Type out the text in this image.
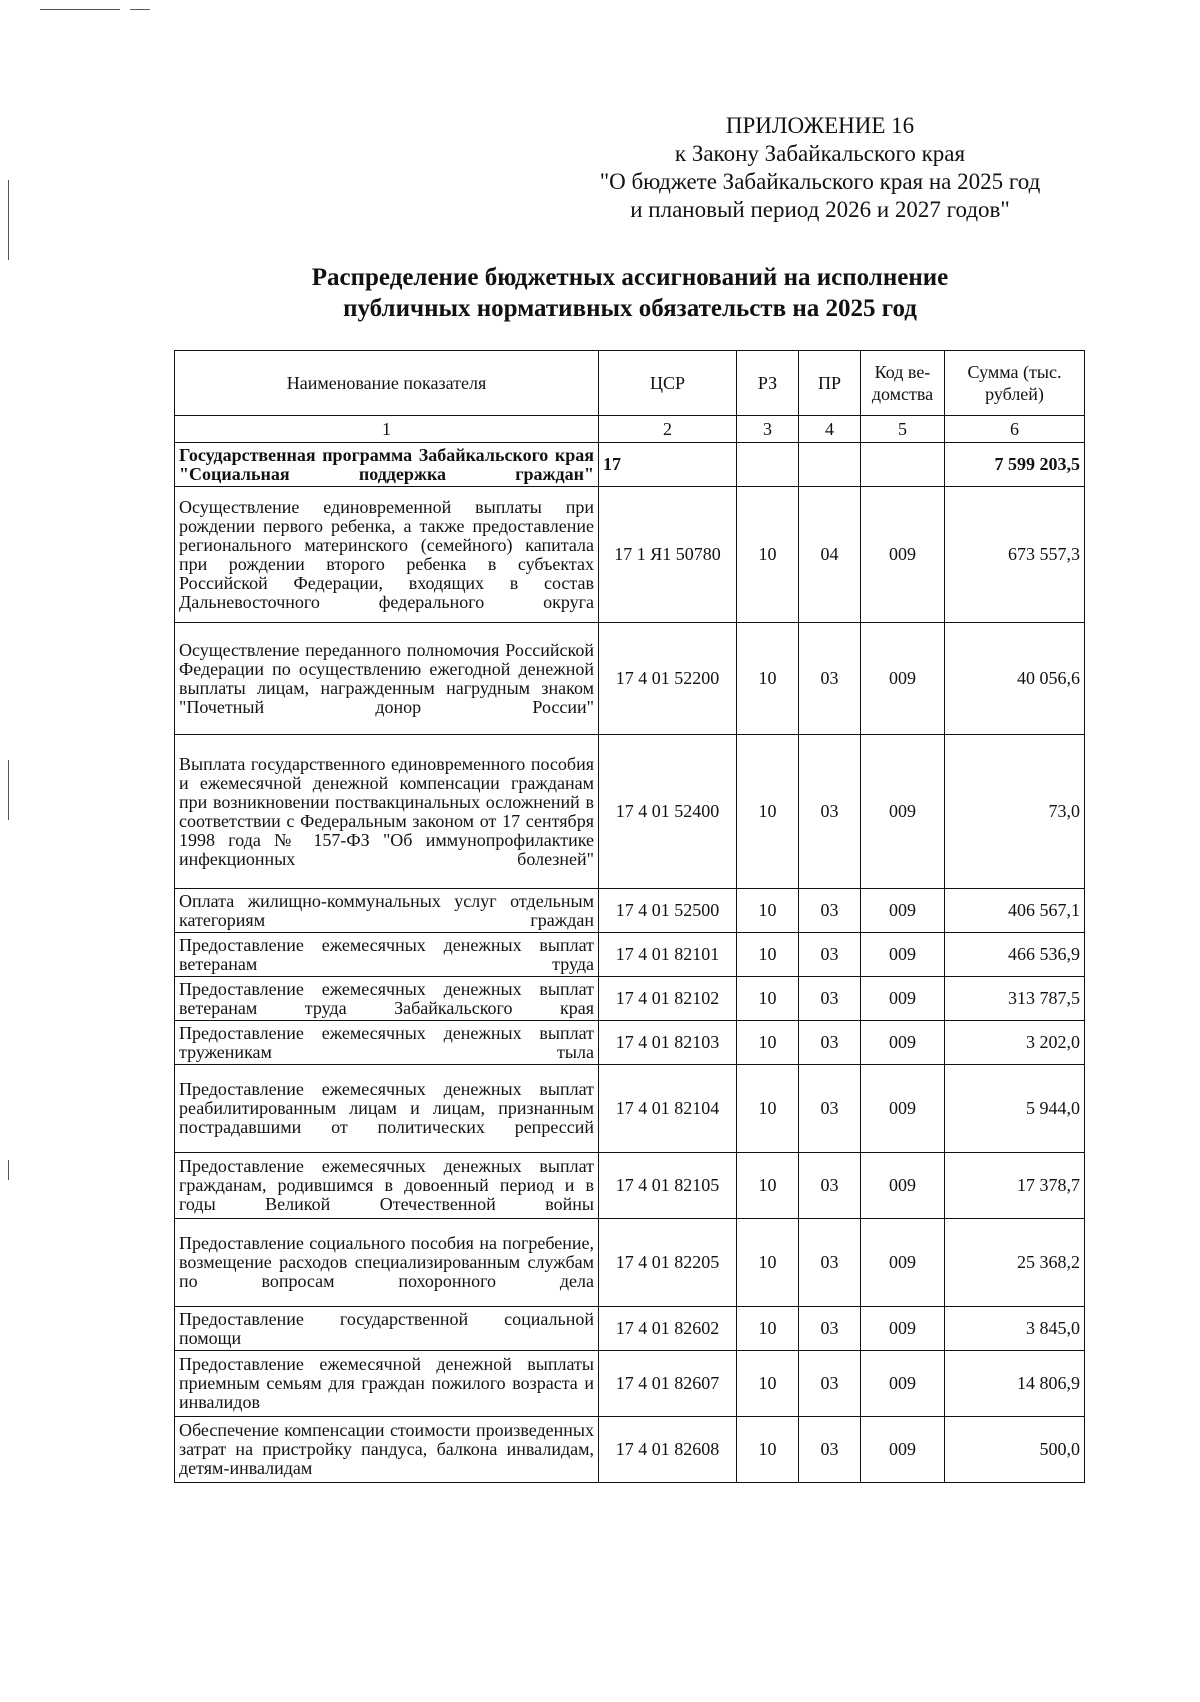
ПРИЛОЖЕНИЕ 16
к Закону Забайкальского края
"О бюджете Забайкальского края на 2025 год
и плановый период 2026 и 2027 годов"
Распределение бюджетных ассигнований на исполнение
публичных нормативных обязательств на 2025 год
Наименование показателя	ЦСР	РЗ	ПР	Код ве-домства	Сумма (тыс. рублей)
1	2	3	4	5	6
Государственная программа Забайкальского края "Социальная поддержка граждан"	17				7 599 203,5
Осуществление единовременной выплаты при рождении первого ребенка, а также предоставление регионального материнского (семейного) капитала при рождении второго ребенка в субъектах Российской Федерации, входящих в состав Дальневосточного федерального округа	17 1 Я1 50780	10	04	009	673 557,3
Осуществление переданного полномочия Российской Федерации по осуществлению ежегодной денежной выплаты лицам, награжденным нагрудным знаком "Почетный донор России"	17 4 01 52200	10	03	009	40 056,6
Выплата государственного единовременного пособия и ежемесячной денежной компенсации гражданам при возникновении поствакцинальных осложнений в соответствии с Федеральным законом от 17 сентября 1998 года № 157-ФЗ "Об иммунопрофилактике инфекционных болезней"	17 4 01 52400	10	03	009	73,0
Оплата жилищно-коммунальных услуг отдельным категориям граждан	17 4 01 52500	10	03	009	406 567,1
Предоставление ежемесячных денежных выплат ветеранам труда	17 4 01 82101	10	03	009	466 536,9
Предоставление ежемесячных денежных выплат ветеранам труда Забайкальского края	17 4 01 82102	10	03	009	313 787,5
Предоставление ежемесячных денежных выплат труженикам тыла	17 4 01 82103	10	03	009	3 202,0
Предоставление ежемесячных денежных выплат реабилитированным лицам и лицам, признанным пострадавшими от политических репрессий	17 4 01 82104	10	03	009	5 944,0
Предоставление ежемесячных денежных выплат гражданам, родившимся в довоенный период и в годы Великой Отечественной войны	17 4 01 82105	10	03	009	17 378,7
Предоставление социального пособия на погребение, возмещение расходов специализированным службам по вопросам похоронного дела	17 4 01 82205	10	03	009	25 368,2
Предоставление государственной социальной помощи	17 4 01 82602	10	03	009	3 845,0
Предоставление ежемесячной денежной выплаты приемным семьям для граждан пожилого возраста и инвалидов	17 4 01 82607	10	03	009	14 806,9
Обеспечение компенсации стоимости произведенных затрат на пристройку пандуса, балкона инвалидам, детям-инвалидам	17 4 01 82608	10	03	009	500,0
